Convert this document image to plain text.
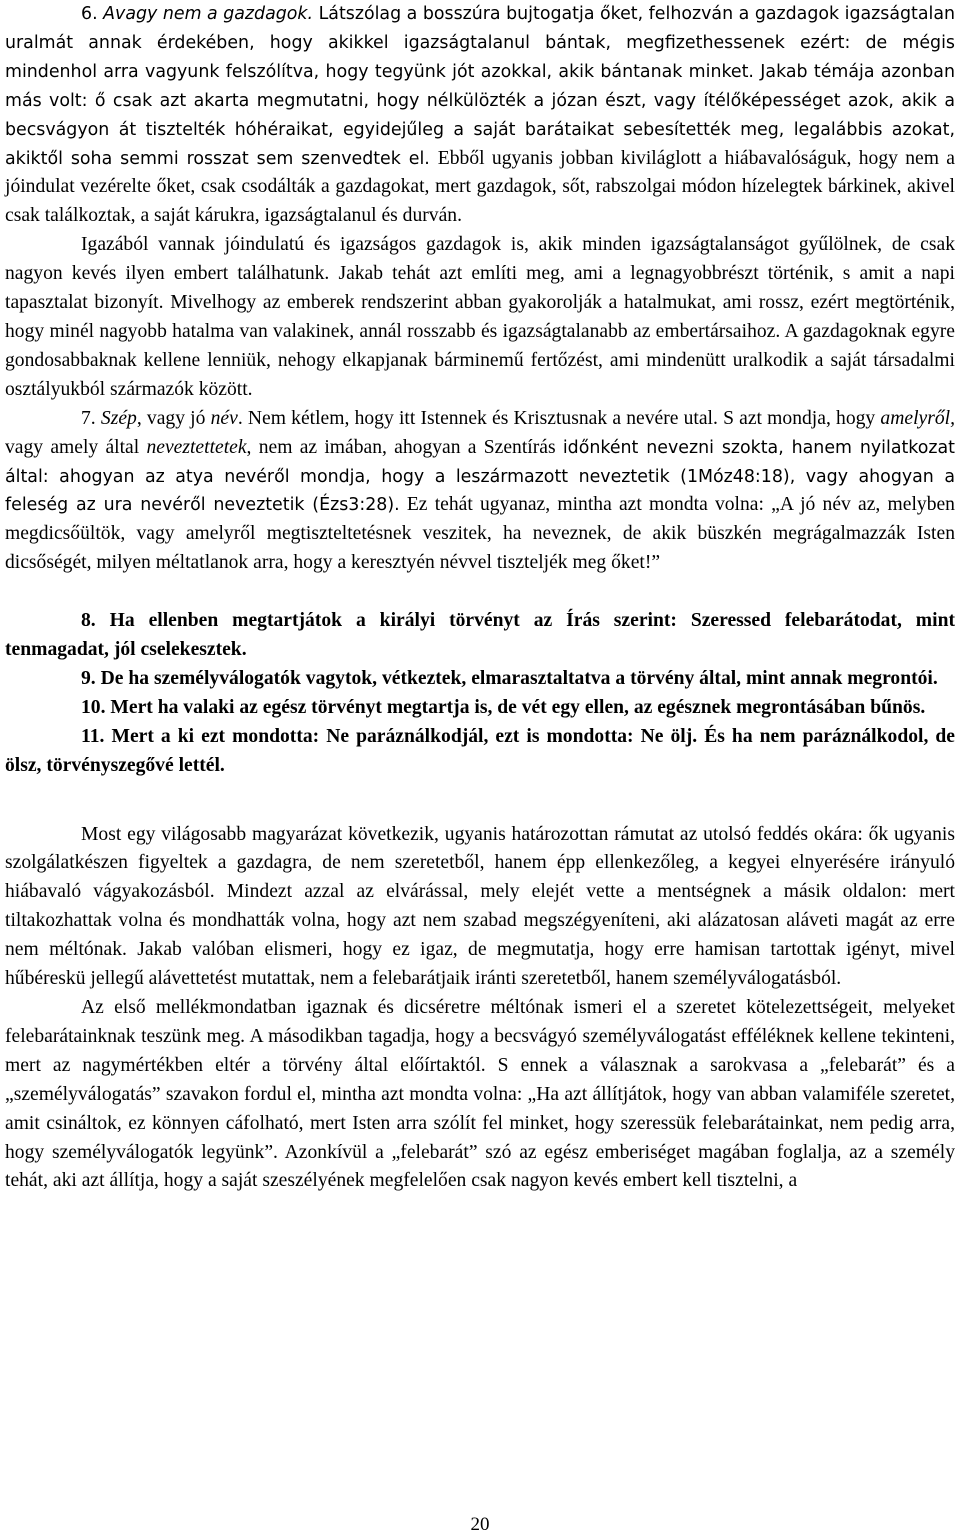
6. Avagy nem a gazdagok. Látszólag a bosszúra bujtogatja őket, felhozván a gazdagok igazságtalan uralmát annak érdekében, hogy akikkel igazságtalanul bántak, megfizethessenek ezért: de mégis mindenhol arra vagyunk felszólítva, hogy tegyünk jót azokkal, akik bántanak minket. Jakab témája azonban más volt: ő csak azt akarta megmutatni, hogy nélkülözték a józan észt, vagy ítélőképességet azok, akik a becsvágyon át tisztelték hóhéraikat, egyidejűleg a saját barátaikat sebesítették meg, legalábbis azokat, akiktől soha semmi rosszat sem szenvedtek el. Ebből ugyanis jobban kiviláglott a hiábavalóságuk, hogy nem a jóindulat vezérelte őket, csak csodálták a gazdagokat, mert gazdagok, sőt, rabszolgai módon hízelegtek bárkinek, akivel csak találkoztak, a saját kárukra, igazságtalanul és durván.

Igazából vannak jóindulatú és igazságos gazdagok is, akik minden igazságtalanságot gyűlölnek, de csak nagyon kevés ilyen embert találhatunk. Jakab tehát azt említi meg, ami a legnagyobbrészt történik, s amit a napi tapasztalat bizonyít. Mivelhogy az emberek rendszerint abban gyakorolják a hatalmukat, ami rossz, ezért megtörténik, hogy minél nagyobb hatalma van valakinek, annál rosszabb és igazságtalanabb az embertársaihoz. A gazdagoknak egyre gondosabbaknak kellene lenniük, nehogy elkapjanak bárminemű fertőzést, ami mindenütt uralkodik a saját társadalmi osztályukból származók között.

7. Szép, vagy jó név. Nem kétlem, hogy itt Istennek és Krisztusnak a nevére utal. S azt mondja, hogy amelyről, vagy amely által neveztettetek, nem az imában, ahogyan a Szentírás időnként nevezni szokta, hanem nyilatkozat által: ahogyan az atya nevéről mondja, hogy a leszármazott neveztetik (1Móz48:18), vagy ahogyan a feleség az ura nevéről neveztetik (Ézs3:28). Ez tehát ugyanaz, mintha azt mondta volna: „A jó név az, melyben megdicsőültök, vagy amelyről megtiszteltetésnek veszitek, ha neveznek, de akik büszkén megrágalmazzák Isten dicsőségét, milyen méltatlanok arra, hogy a keresztyén névvel tiszteljék meg őket!”

8. Ha ellenben megtartjátok a királyi törvényt az Írás szerint: Szeressed felebarátodat, mint tenmagadat, jól cselekesztek.

9. De ha személyválogatók vagytok, vétkeztek, elmarasztaltatva a törvény által, mint annak megrontói.

10. Mert ha valaki az egész törvényt megtartja is, de vét egy ellen, az egésznek megrontásában bűnös.

11. Mert a ki ezt mondotta: Ne paráználkodjál, ezt is mondotta: Ne ölj. És ha nem paráználkodol, de ölsz, törvényszegővé lettél.

Most egy világosabb magyarázat következik, ugyanis határozottan rámutat az utolsó feddés okára: ők ugyanis szolgálatkészen figyeltek a gazdagra, de nem szeretetből, hanem épp ellenkezőleg, a kegyei elnyerésére irányuló hiábavaló vágyakozásból. Mindezt azzal az elvárással, mely elejét vette a mentségnek a másik oldalon: mert tiltakozhattak volna és mondhatták volna, hogy azt nem szabad megszégyeníteni, aki alázatosan aláveti magát az erre nem méltónak. Jakab valóban elismeri, hogy ez igaz, de megmutatja, hogy erre hamisan tartottak igényt, mivel hűbéreskü jellegű alávettetést mutattak, nem a felebarátjaik iránti szeretetből, hanem személyválogatásból.

Az első mellékmondatban igaznak és dicséretre méltónak ismeri el a szeretet kötelezettségeit, melyeket felebarátainknak teszünk meg. A másodikban tagadja, hogy a becsvágyó személyválogatást efféléknek kellene tekinteni, mert az nagymértékben eltér a törvény által előírtaktól. S ennek a válasznak a sarokvasa a „felebarát” és a „személyválogatás” szavakon fordul el, mintha azt mondta volna: „Ha azt állítjátok, hogy van abban valamiféle szeretet, amit csináltok, ez könnyen cáfolható, mert Isten arra szólít fel minket, hogy szeressük felebarátainkat, nem pedig arra, hogy személyválogatók legyünk”. Azonkívül a „felebarát” szó az egész emberiséget magában foglalja, az a személy tehát, aki azt állítja, hogy a saját szeszélyének megfelelően csak nagyon kevés embert kell tisztelni, a

20
